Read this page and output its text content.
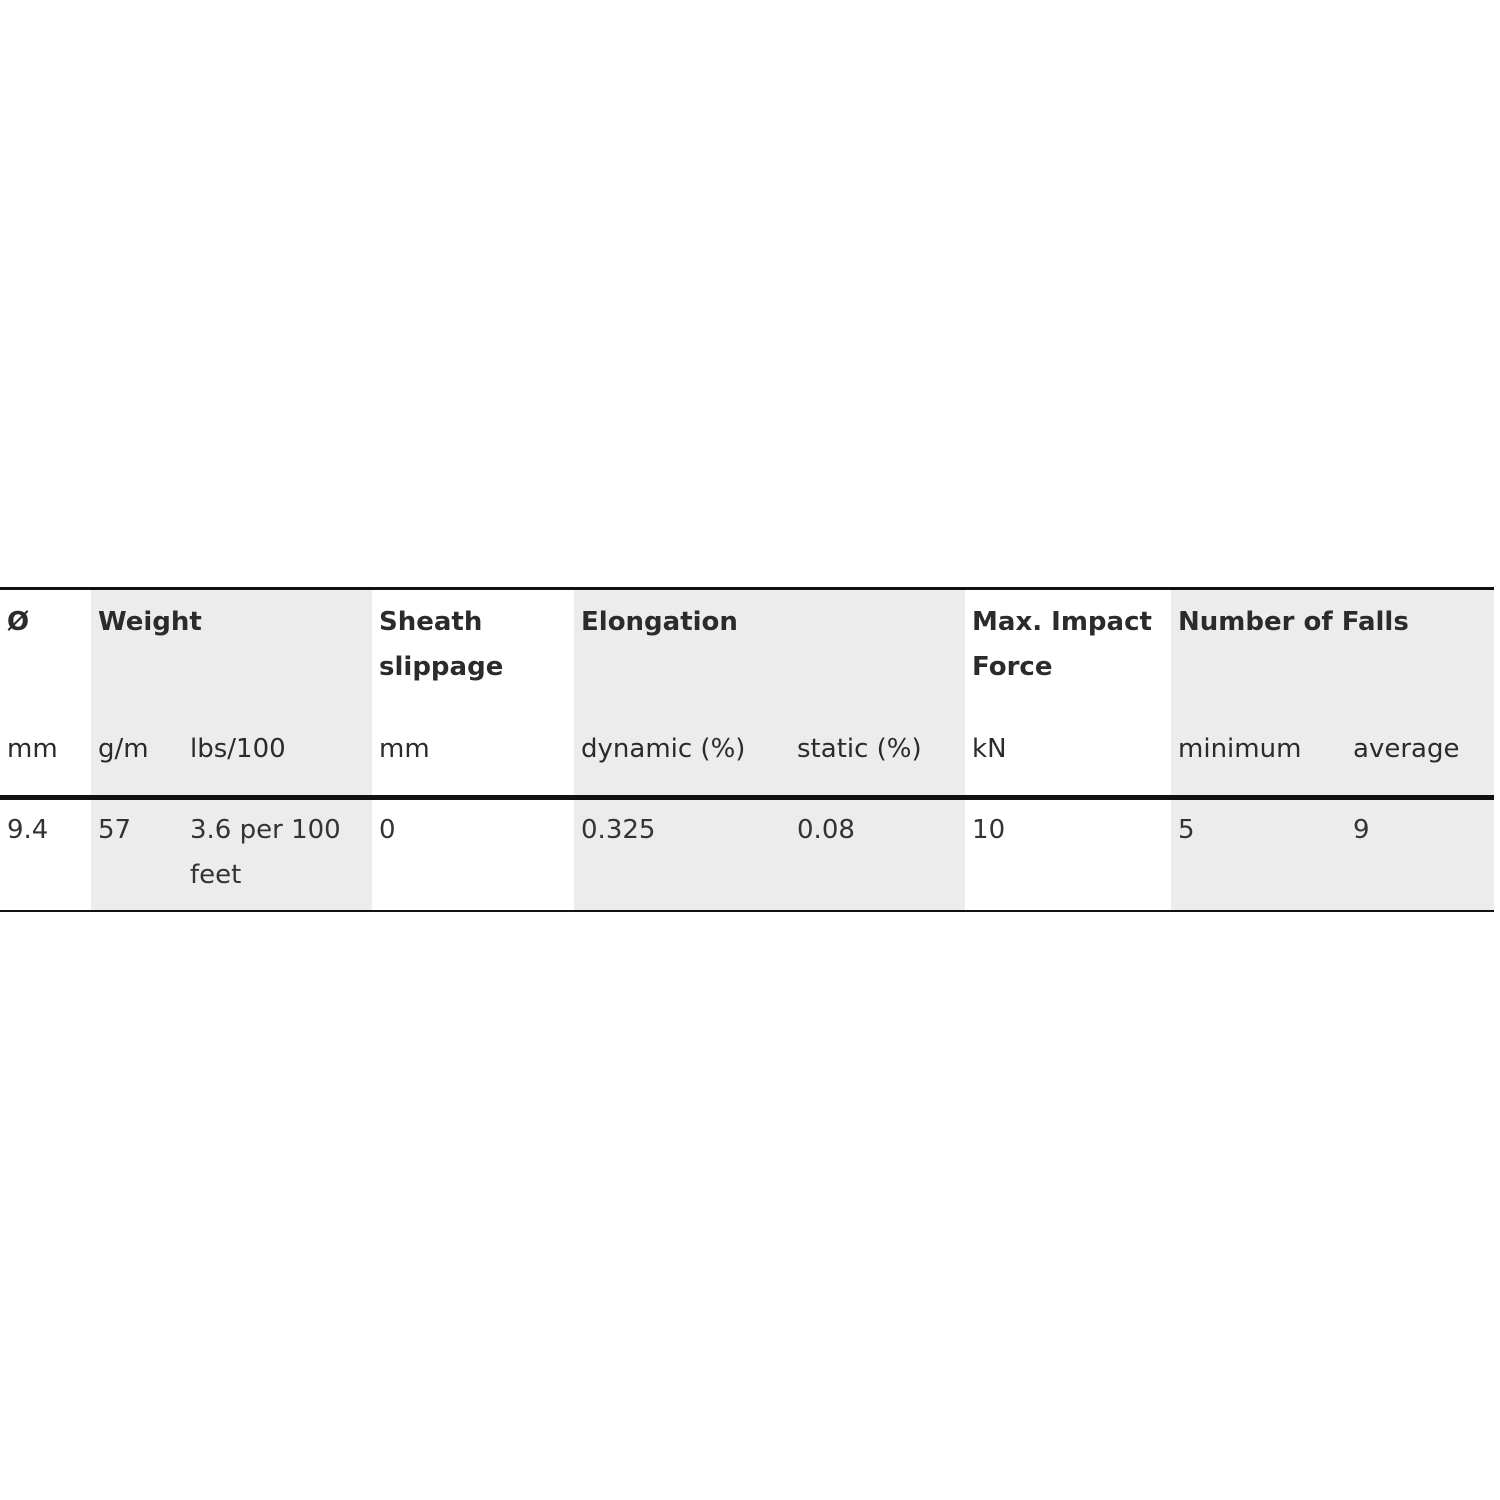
Ø	Weight		Sheath slippage	Elongation		Max. Impact Force	Number of Falls	
mm	g/m	lbs/100	mm	dynamic (%)	static (%)	kN	minimum	average
9.4	57	3.6 per 100 feet	0	0.325	0.08	10	5	9
